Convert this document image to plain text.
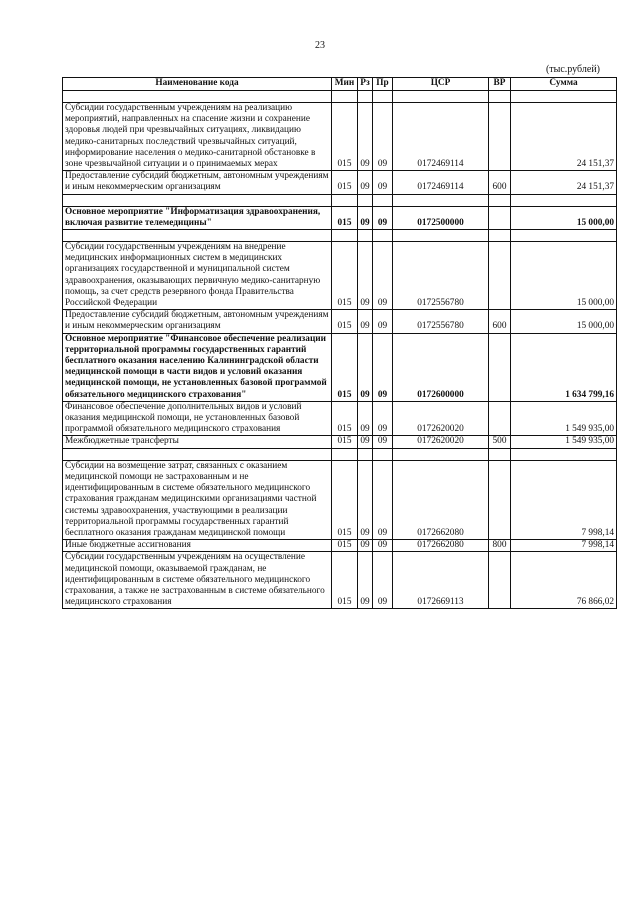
23
(тыс.рублей)
Наименование кода	Мин	Рз	Пр	ЦСР	ВР	Сумма

Субсидии государственным учреждениям на реализацию мероприятий, направленных на спасение жизни и сохранение здоровья людей при чрезвычайных ситуациях, ликвидацию медико-санитарных последствий чрезвычайных ситуаций, информирование населения о медико-санитарной обстановке в зоне чрезвычайной ситуации и о принимаемых мерах	015	09	09	0172469114		24 151,37
Предоставление субсидий бюджетным, автономным учреждениям и иным некоммерческим организациям	015	09	09	0172469114	600	24 151,37

Основное мероприятие "Информатизация здравоохранения, включая развитие телемедицины"	015	09	09	0172500000		15 000,00

Субсидии государственным учреждениям на внедрение медицинских информационных систем в медицинских организациях государственной и муниципальной систем здравоохранения, оказывающих первичную медико-санитарную помощь, за счет средств резервного фонда Правительства Российской Федерации	015	09	09	0172556780		15 000,00
Предоставление субсидий бюджетным, автономным учреждениям и иным некоммерческим организациям	015	09	09	0172556780	600	15 000,00
Основное мероприятие "Финансовое обеспечение реализации территориальной программы государственных гарантий бесплатного оказания населению Калининградской области медицинской помощи в части видов и условий оказания медицинской помощи, не установленных базовой программой обязательного медицинского страхования"	015	09	09	0172600000		1 634 799,16
Финансовое обеспечение дополнительных видов и условий оказания медицинской помощи, не установленных базовой программой обязательного медицинского страхования	015	09	09	0172620020		1 549 935,00
Межбюджетные трансферты	015	09	09	0172620020	500	1 549 935,00

Субсидии на возмещение затрат, связанных с оказанием медицинской помощи не застрахованным и не идентифицированным в системе обязательного медицинского страхования гражданам медицинскими организациями частной системы здравоохранения, участвующими в реализации территориальной программы государственных гарантий бесплатного оказания гражданам медицинской помощи	015	09	09	0172662080		7 998,14
Иные бюджетные ассигнования	015	09	09	0172662080	800	7 998,14
Субсидии государственным учреждениям на осуществление медицинской помощи, оказываемой гражданам, не идентифицированным в системе обязательного медицинского страхования, а также не застрахованным в системе обязательного медицинского страхования	015	09	09	0172669113		76 866,02
